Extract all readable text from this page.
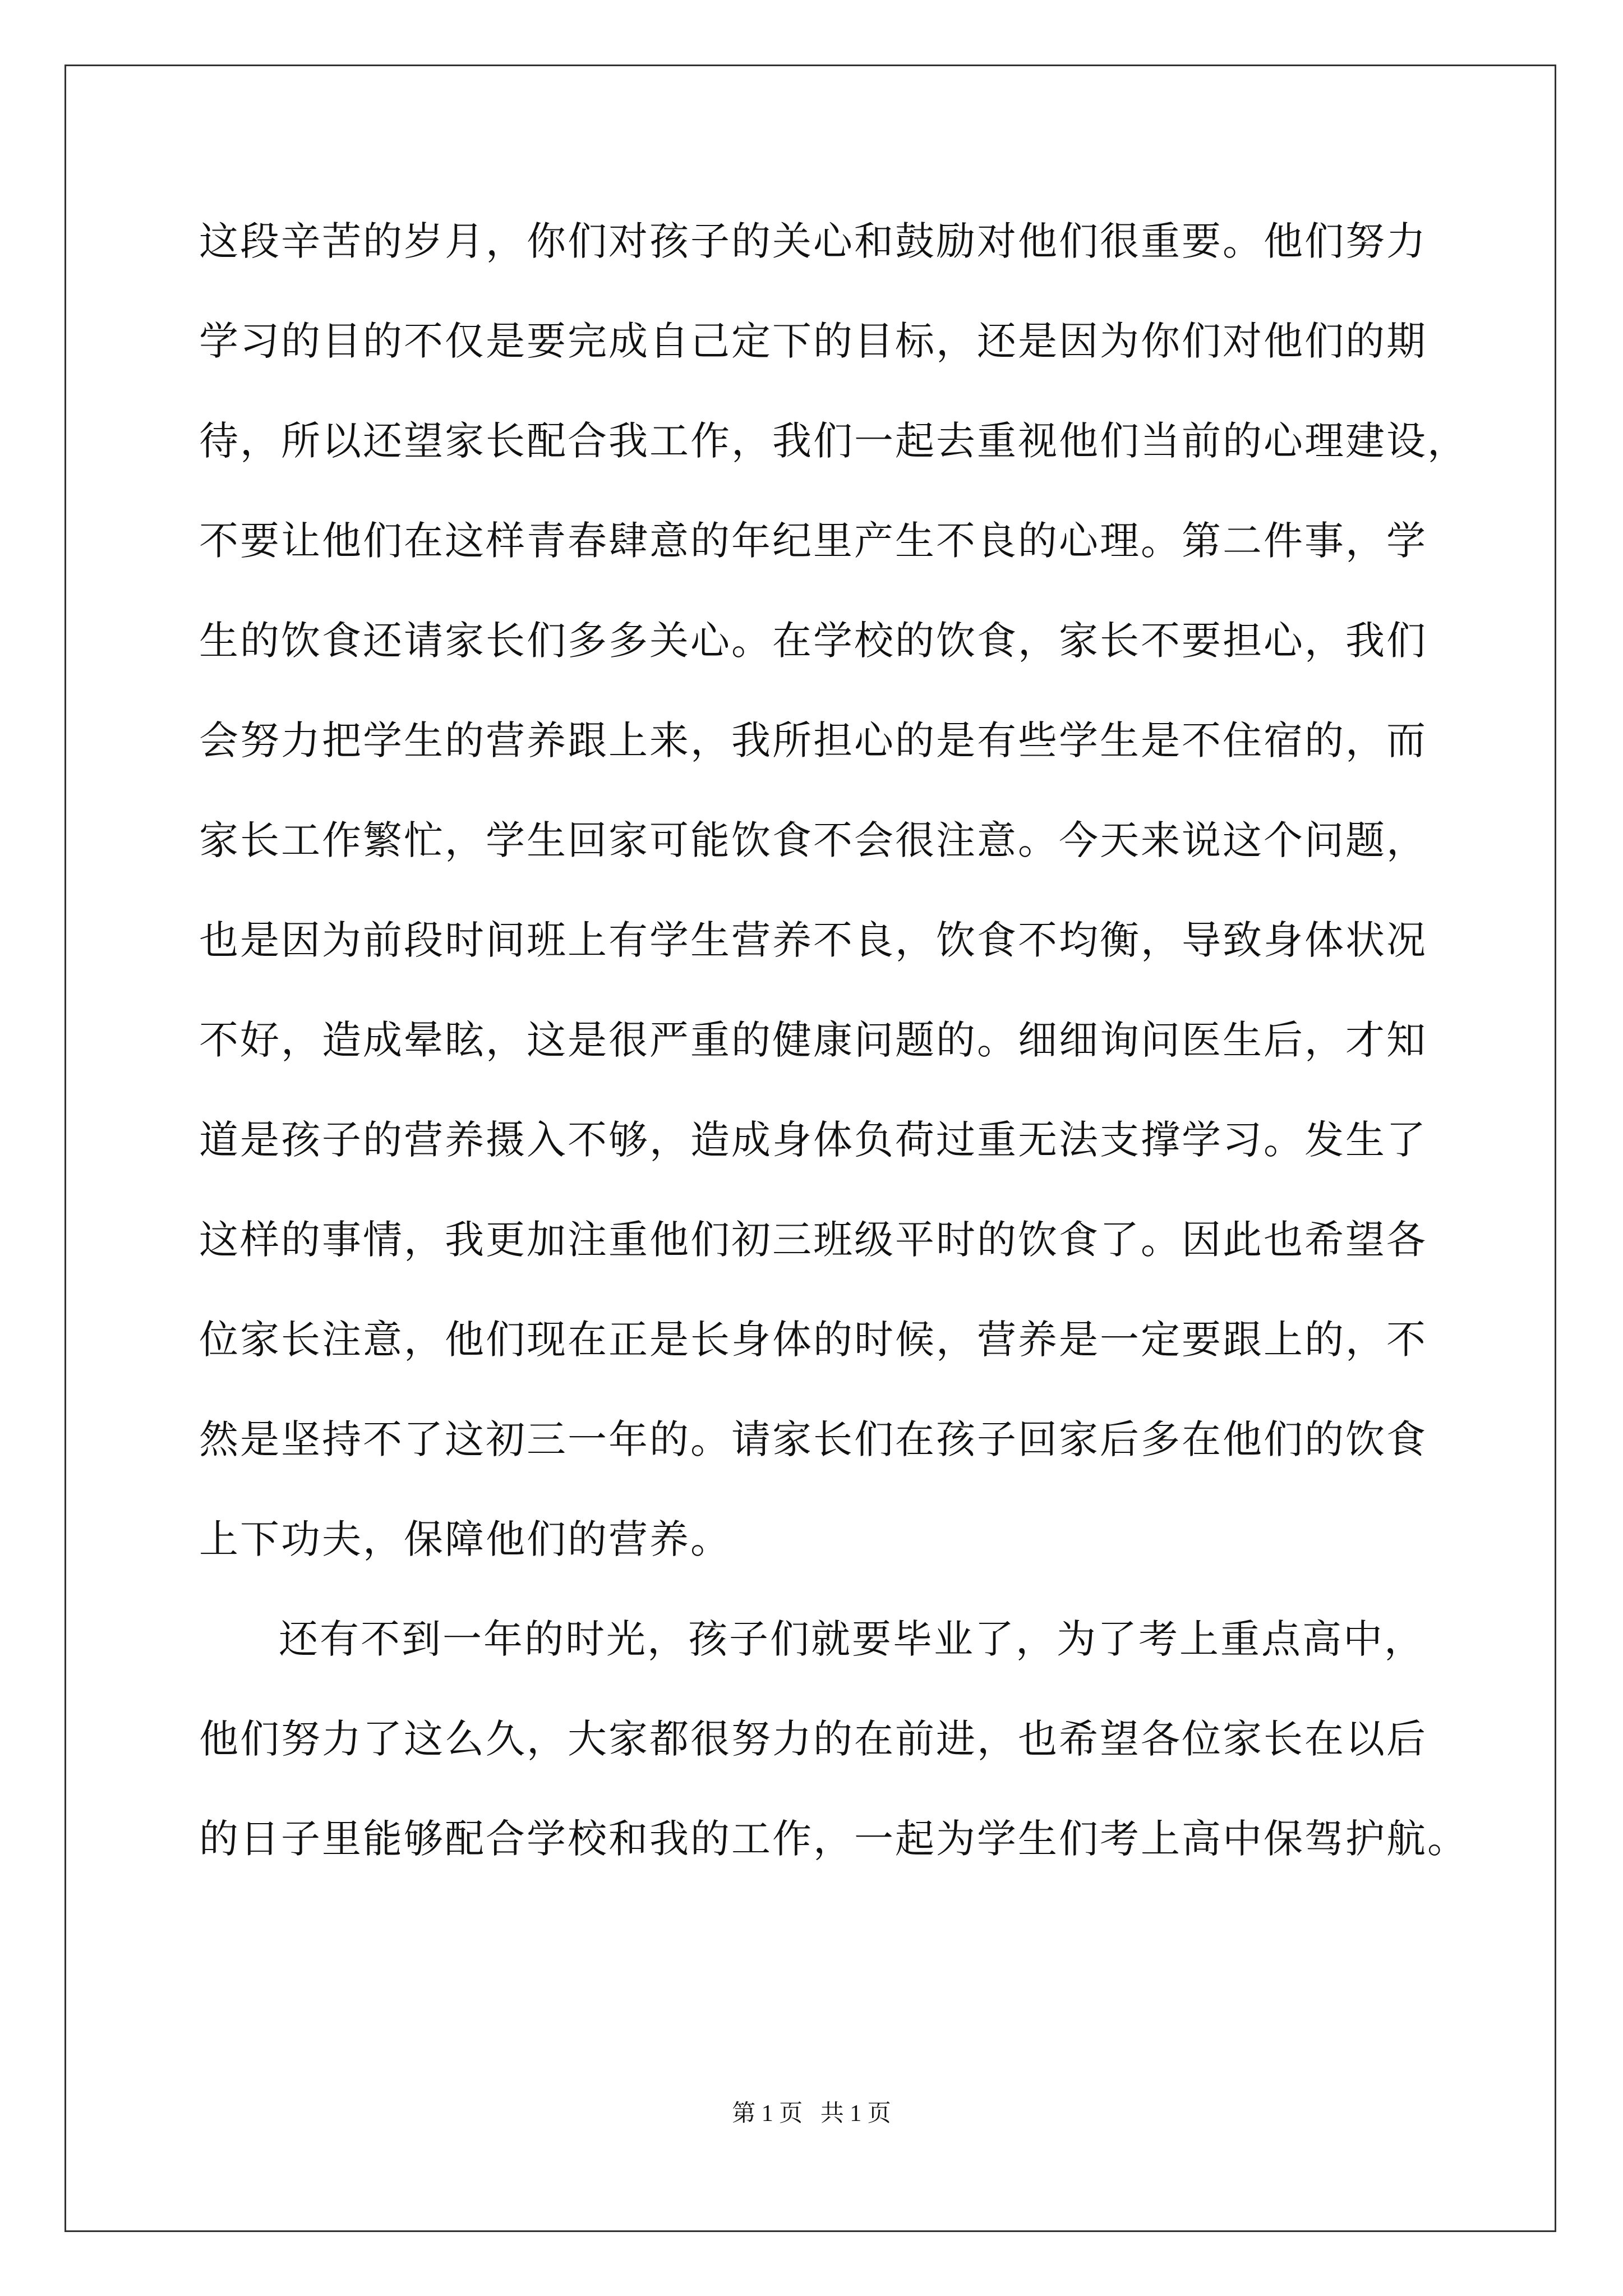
这段辛苦的岁月，你们对孩子的关心和鼓励对他们很重要。他们努力
学习的目的不仅是要完成自己定下的目标，还是因为你们对他们的期
待，所以还望家长配合我工作，我们一起去重视他们当前的心理建设，
不要让他们在这样青春肆意的年纪里产生不良的心理。第二件事，学
生的饮食还请家长们多多关心。在学校的饮食，家长不要担心，我们
会努力把学生的营养跟上来，我所担心的是有些学生是不住宿的，而
家长工作繁忙，学生回家可能饮食不会很注意。今天来说这个问题，
也是因为前段时间班上有学生营养不良，饮食不均衡，导致身体状况
不好，造成晕眩，这是很严重的健康问题的。细细询问医生后，才知
道是孩子的营养摄入不够，造成身体负荷过重无法支撑学习。发生了
这样的事情，我更加注重他们初三班级平时的饮食了。因此也希望各
位家长注意，他们现在正是长身体的时候，营养是一定要跟上的，不
然是坚持不了这初三一年的。请家长们在孩子回家后多在他们的饮食
上下功夫，保障他们的营养。
还有不到一年的时光，孩子们就要毕业了，为了考上重点高中，
他们努力了这么久，大家都很努力的在前进，也希望各位家长在以后
的日子里能够配合学校和我的工作，一起为学生们考上高中保驾护航。
第 1 页 共 1 页
